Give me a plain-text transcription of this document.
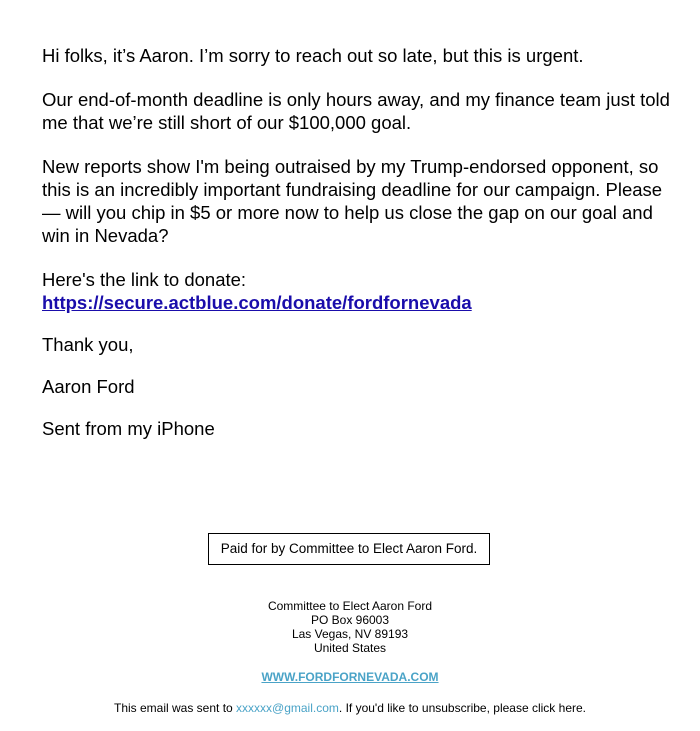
Hi folks, it’s Aaron. I’m sorry to reach out so late, but this is urgent.

Our end-of-month deadline is only hours away, and my finance team just told me that we’re still short of our $100,000 goal.

New reports show I'm being outraised by my Trump-endorsed opponent, so this is an incredibly important fundraising deadline for our campaign. Please — will you chip in $5 or more now to help us close the gap on our goal and win in Nevada?

Here's the link to donate:
https://secure.actblue.com/donate/fordfornevada

Thank you,

Aaron Ford

Sent from my iPhone

Paid for by Committee to Elect Aaron Ford.
Committee to Elect Aaron Ford
PO Box 96003
Las Vegas, NV 89193
United States
WWW.FORDFORNEVADA.COM
This email was sent to xxxxxx@gmail.com. If you'd like to unsubscribe, please click here.
